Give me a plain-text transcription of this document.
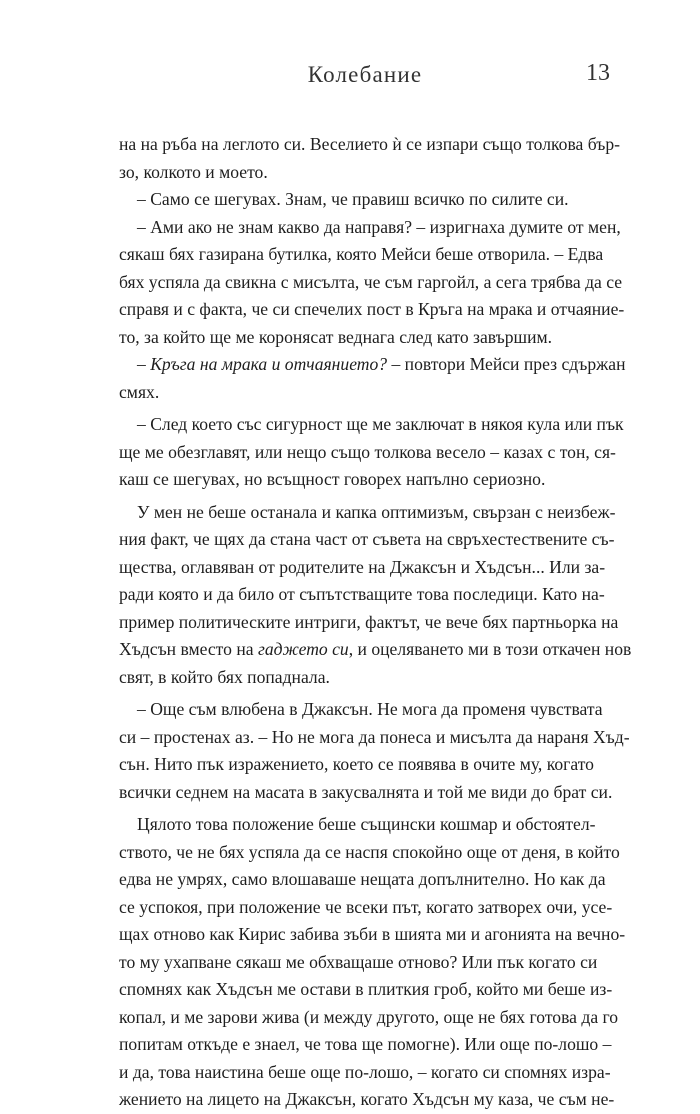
Колебание	13
на на ръба на леглото си. Веселието ѝ се изпари също толкова бър-
зо, колкото и моето.
– Само се шегувах. Знам, че правиш всичко по силите си.
– Ами ако не знам какво да направя? – изригнаха думите от мен,
сякаш бях газирана бутилка, която Мейси беше отворила. – Едва
бях успяла да свикна с мисълта, че съм гаргойл, а сега трябва да се
справя и с факта, че си спечелих пост в Кръга на мрака и отчаяние-
то, за който ще ме коронясат веднага след като завършим.
– Кръга на мрака и отчаянието? – повтори Мейси през сдържан
смях.
– След което със сигурност ще ме заключат в някоя кула или пък
ще ме обезглавят, или нещо също толкова весело – казах с тон, ся-
каш се шегувах, но всъщност говорех напълно сериозно.
У мен не беше останала и капка оптимизъм, свързан с неизбеж-
ния факт, че щях да стана част от съвета на свръхестествените съ-
щества, оглавяван от родителите на Джаксън и Хъдсън... Или за-
ради която и да било от съпътстващите това последици. Като на-
пример политическите интриги, фактът, че вече бях партньорка на
Хъдсън вместо на гаджето си, и оцеляването ми в този откачен нов
свят, в който бях попаднала.
– Още съм влюбена в Джаксън. Не мога да променя чувствата
си – простенах аз. – Но не мога да понеса и мисълта да нараня Хъд-
сън. Нито пък изражението, което се появява в очите му, когато
всички седнем на масата в закусвалнята и той ме види до брат си.
Цялото това положение беше същински кошмар и обстоятел-
ството, че не бях успяла да се наспя спокойно още от деня, в който
едва не умрях, само влошаваше нещата допълнително. Но как да
се успокоя, при положение че всеки път, когато затворех очи, усе-
щах отново как Кирис забива зъби в шията ми и агонията на вечно-
то му ухапване сякаш ме обхващаше отново? Или пък когато си
спомнях как Хъдсън ме остави в плиткия гроб, който ми беше из-
копал, и ме зарови жива (и между другото, още не бях готова да го
попитам откъде е знаел, че това ще помогне). Или още по-лошо –
и да, това наистина беше още по-лошо, – когато си спомнях изра-
жението на лицето на Джаксън, когато Хъдсън му каза, че съм не-
